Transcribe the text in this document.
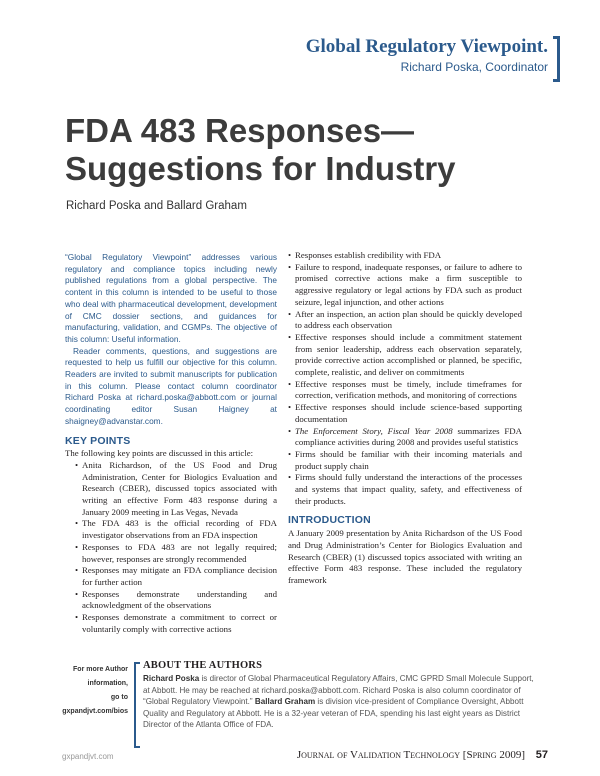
Global Regulatory Viewpoint.
Richard Poska, Coordinator
FDA 483 Responses—
Suggestions for Industry
Richard Poska and Ballard Graham

“Global Regulatory Viewpoint” addresses various regulatory and compliance topics including newly published regulations from a global perspective. The content in this column is intended to be useful to those who deal with pharmaceutical development, development of CMC dossier sections, and guidances for manufacturing, validation, and CGMPs. The objective of this column: Useful information.

Reader comments, questions, and suggestions are requested to help us fulfill our objective for this column. Readers are invited to submit manuscripts for publication in this column. Please contact column coordinator Richard Poska at richard.poska@abbott.com or journal coordinating editor Susan Haigney at shaigney@advanstar.com.

KEY POINTS

The following key points are discussed in this article:

• Anita Richardson, of the US Food and Drug Administration, Center for Biologics Evaluation and Research (CBER), discussed topics associated with writing an effective Form 483 response during a January 2009 meeting in Las Vegas, Nevada
• The FDA 483 is the official recording of FDA investigator observations from an FDA inspection
• Responses to FDA 483 are not legally required; however, responses are strongly recommended
• Responses may mitigate an FDA compliance decision for further action
• Responses demonstrate understanding and acknowledgment of the observations
• Responses demonstrate a commitment to correct or voluntarily comply with corrective actions
• Responses establish credibility with FDA
• Failure to respond, inadequate responses, or failure to adhere to promised corrective actions make a firm susceptible to aggressive regulatory or legal actions by FDA such as product seizure, legal injunction, and other actions
• After an inspection, an action plan should be quickly developed to address each observation
• Effective responses should include a commitment statement from senior leadership, address each observation separately, provide corrective action accomplished or planned, be specific, complete, realistic, and deliver on commitments
• Effective responses must be timely, include timeframes for correction, verification methods, and monitoring of corrections
• Effective responses should include science-based supporting documentation
• The Enforcement Story, Fiscal Year 2008 summarizes FDA compliance activities during 2008 and provides useful statistics
• Firms should be familiar with their incoming materials and product supply chain
• Firms should fully understand the interactions of the processes and systems that impact quality, safety, and effectiveness of their products.
INTRODUCTION

A January 2009 presentation by Anita Richardson of the US Food and Drug Administration’s Center for Biologics Evaluation and Research (CBER) (1) discussed topics associated with writing an effective Form 483 response. These included the regulatory framework

For more Author
information,
go to
gxpandjvt.com/bios
ABOUT THE AUTHORS
Richard Poska is director of Global Pharmaceutical Regulatory Affairs, CMC GPRD Small Molecule Support, at Abbott. He may be reached at richard.poska@abbott.com. Richard Poska is also column coordinator of “Global Regulatory Viewpoint.” Ballard Graham is division vice-president of Compliance Oversight, Abbott Quality and Regulatory at Abbott. He is a 32-year veteran of FDA, spending his last eight years as District Director of the Atlanta Office of FDA.
gxpandjvt.com	Journal of Validation Technology [Spring 2009] 57
